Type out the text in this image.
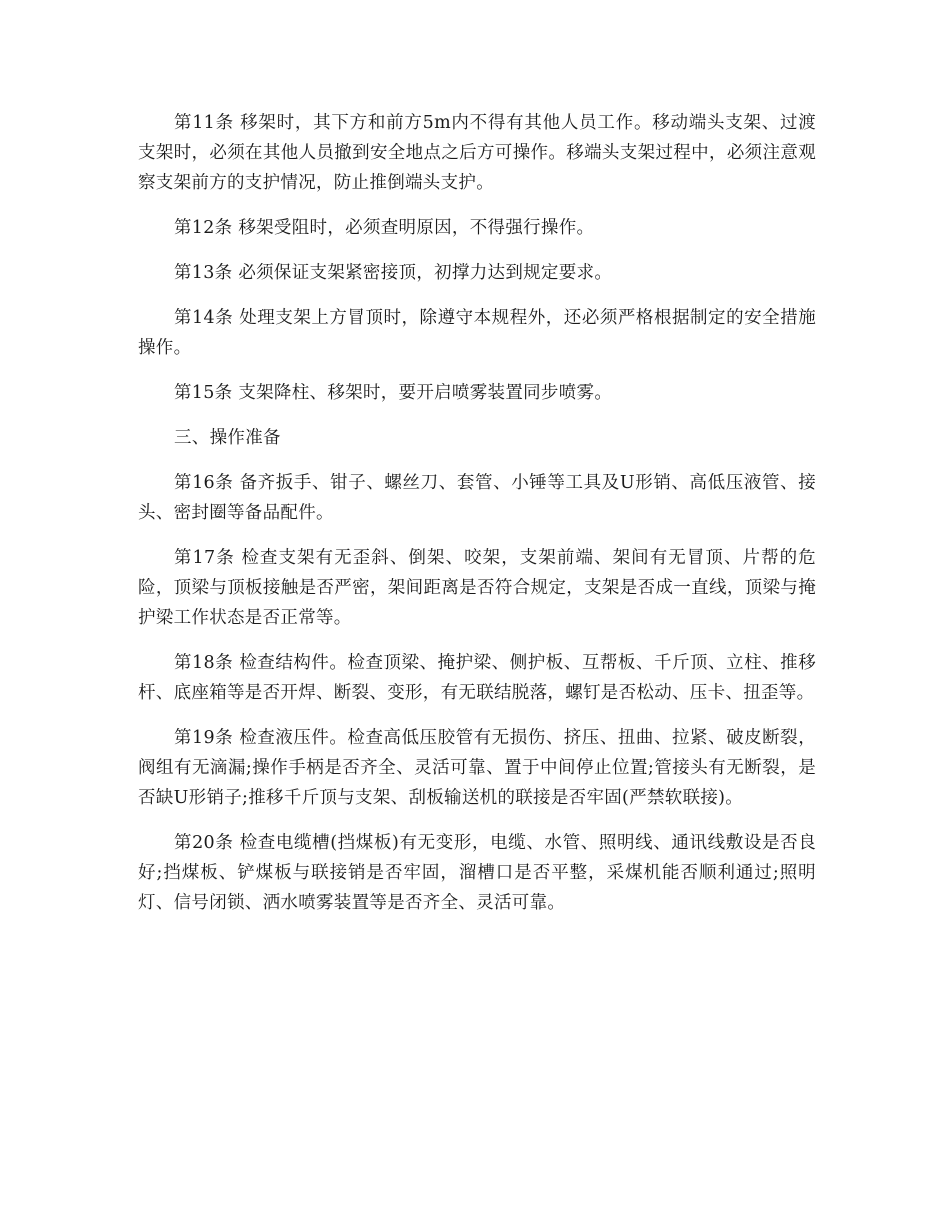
第11条 移架时，其下方和前方5m内不得有其他人员工作。移动端头支架、过渡支架时，必须在其他人员撤到安全地点之后方可操作。移端头支架过程中，必须注意观察支架前方的支护情况，防止推倒端头支护。

第12条 移架受阻时，必须查明原因，不得强行操作。

第13条 必须保证支架紧密接顶，初撑力达到规定要求。

第14条 处理支架上方冒顶时，除遵守本规程外，还必须严格根据制定的安全措施操作。

第15条 支架降柱、移架时，要开启喷雾装置同步喷雾。

三、操作准备

第16条 备齐扳手、钳子、螺丝刀、套管、小锤等工具及U形销、高低压液管、接头、密封圈等备品配件。

第17条 检查支架有无歪斜、倒架、咬架，支架前端、架间有无冒顶、片帮的危险，顶梁与顶板接触是否严密，架间距离是否符合规定，支架是否成一直线，顶梁与掩护梁工作状态是否正常等。

第18条 检查结构件。检查顶梁、掩护梁、侧护板、互帮板、千斤顶、立柱、推移杆、底座箱等是否开焊、断裂、变形，有无联结脱落，螺钉是否松动、压卡、扭歪等。

第19条 检查液压件。检查高低压胶管有无损伤、挤压、扭曲、拉紧、破皮断裂，阀组有无滴漏;操作手柄是否齐全、灵活可靠、置于中间停止位置;管接头有无断裂，是否缺U形销子;推移千斤顶与支架、刮板输送机的联接是否牢固(严禁软联接)。

第20条 检查电缆槽(挡煤板)有无变形，电缆、水管、照明线、通讯线敷设是否良好;挡煤板、铲煤板与联接销是否牢固，溜槽口是否平整，采煤机能否顺利通过;照明灯、信号闭锁、洒水喷雾装置等是否齐全、灵活可靠。
